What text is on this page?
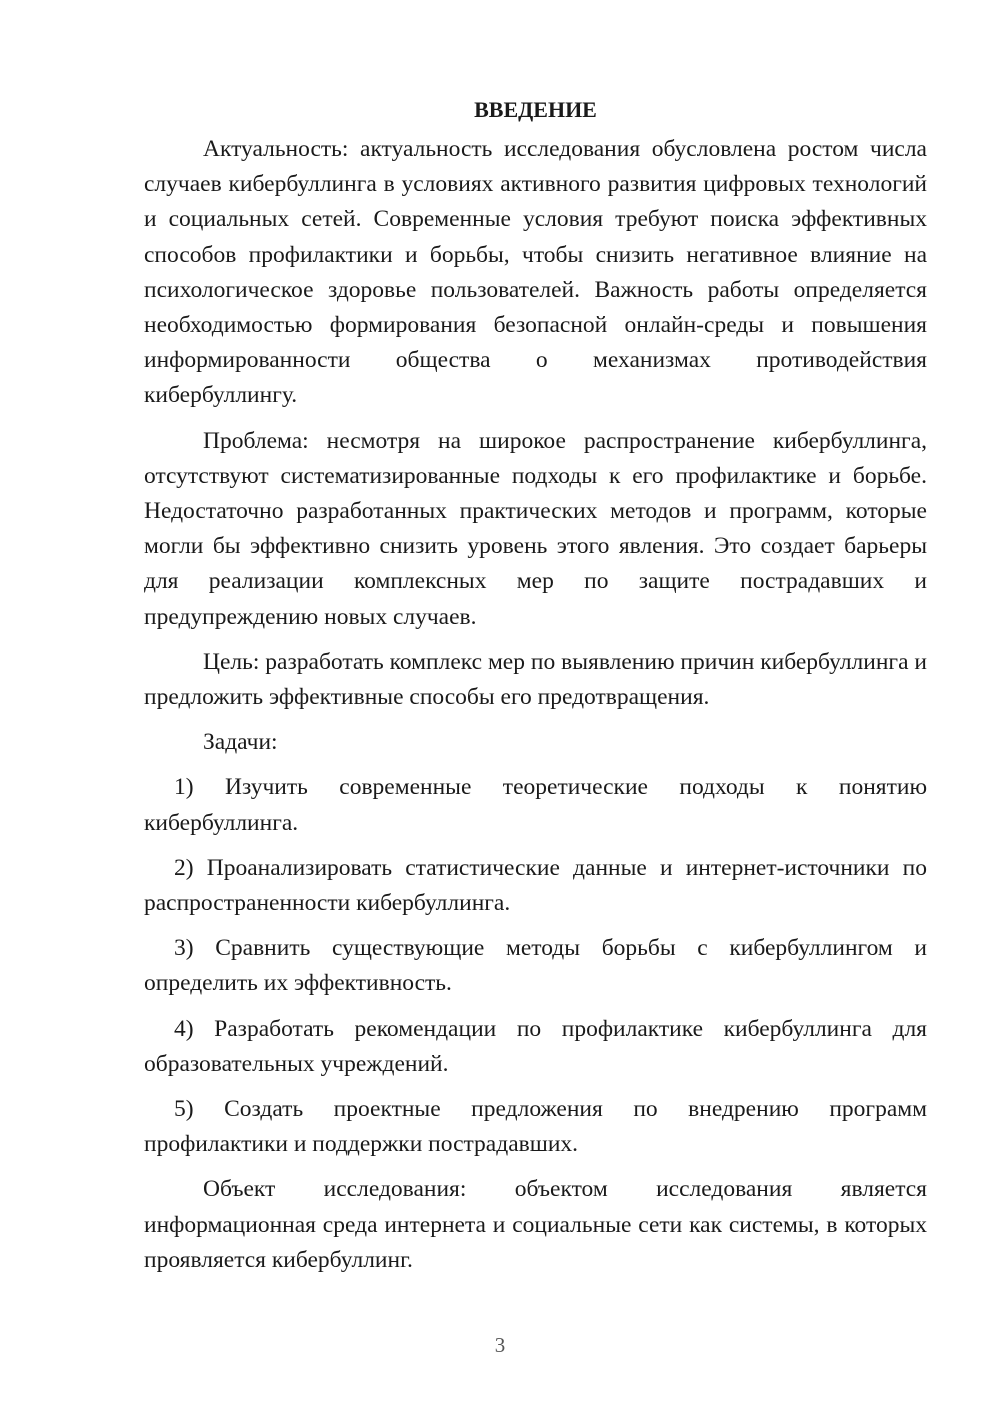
ВВЕДЕНИЕ

Актуальность: актуальность исследования обусловлена ростом числа случаев кибербуллинга в условиях активного развития цифровых технологий и социальных сетей. Современные условия требуют поиска эффективных способов профилактики и борьбы, чтобы снизить негативное влияние на психологическое здоровье пользователей. Важность работы определяется необходимостью формирования безопасной онлайн-среды и повышения информированности общества о механизмах противодействия кибербуллингу.

Проблема: несмотря на широкое распространение кибербуллинга, отсутствуют систематизированные подходы к его профилактике и борьбе. Недостаточно разработанных практических методов и программ, которые могли бы эффективно снизить уровень этого явления. Это создает барьеры для реализации комплексных мер по защите пострадавших и предупреждению новых случаев.

Цель: разработать комплекс мер по выявлению причин кибербуллинга и предложить эффективные способы его предотвращения.

Задачи:

1) Изучить современные теоретические подходы к понятию кибербуллинга.

2) Проанализировать статистические данные и интернет-источники по распространенности кибербуллинга.

3) Сравнить существующие методы борьбы с кибербуллингом и определить их эффективность.

4) Разработать рекомендации по профилактике кибербуллинга для образовательных учреждений.

5) Создать проектные предложения по внедрению программ профилактики и поддержки пострадавших.

Объект исследования: объектом исследования является информационная среда интернета и социальные сети как системы, в которых проявляется кибербуллинг.

3
